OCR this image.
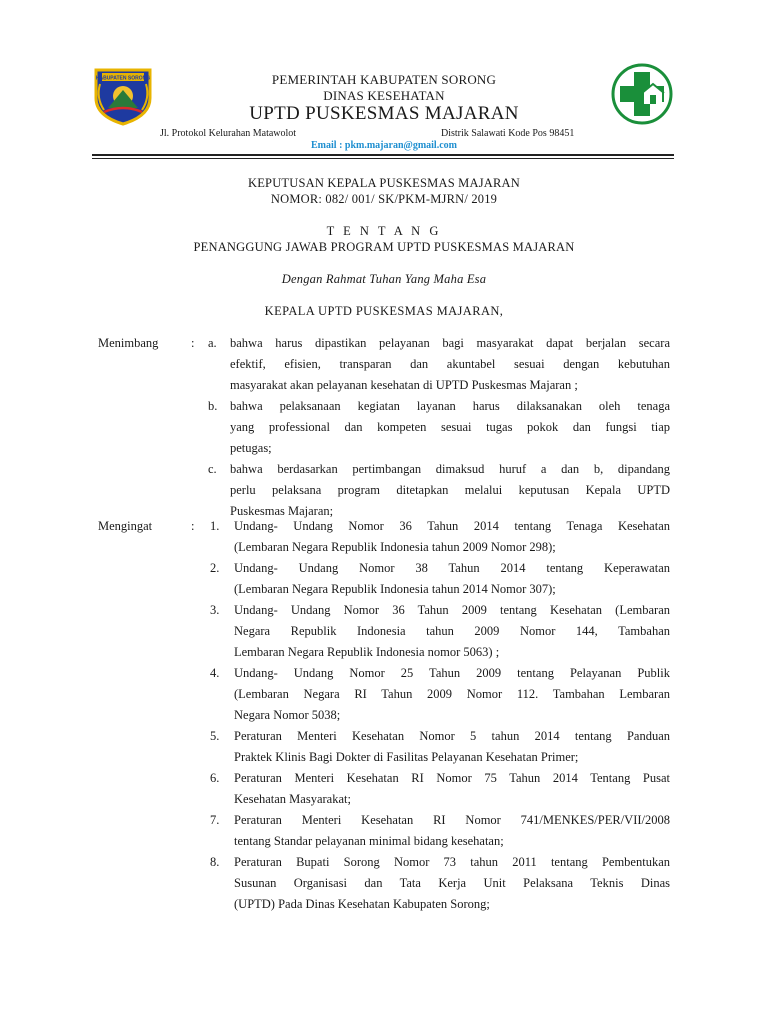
KABUPATEN SORONG	PEMERINTAH KABUPATEN SORONG
DINAS KESEHATAN
UPTD PUSKESMAS MAJARAN
Jl. Protokol Kelurahan Matawolot	Distrik Salawati Kode Pos 98451
Email : pkm.majaran@gmail.com
KEPUTUSAN KEPALA PUSKESMAS MAJARAN
NOMOR: 082/ 001/ SK/PKM-MJRN/ 2019
T E N T A N G
PENANGGUNG JAWAB PROGRAM UPTD PUSKESMAS MAJARAN
Dengan Rahmat Tuhan Yang Maha Esa
KEPALA UPTD PUSKESMAS MAJARAN,
Menimbang	: a. bahwa harus dipastikan pelayanan bagi masyarakat dapat berjalan secara
efektif, efisien, transparan dan akuntabel sesuai dengan kebutuhan
masyarakat akan pelayanan kesehatan di UPTD Puskesmas Majaran ;
b. bahwa pelaksanaan kegiatan layanan harus dilaksanakan oleh tenaga
yang professional dan kompeten sesuai tugas pokok dan fungsi tiap
petugas;
c. bahwa berdasarkan pertimbangan dimaksud huruf a dan b, dipandang
perlu pelaksana program ditetapkan melalui keputusan Kepala UPTD
Puskesmas Majaran;
Mengingat	: 1. Undang- Undang Nomor 36 Tahun 2014 tentang Tenaga Kesehatan
(Lembaran Negara Republik Indonesia tahun 2009 Nomor 298);
2. Undang- Undang Nomor 38 Tahun 2014 tentang Keperawatan
(Lembaran Negara Republik Indonesia tahun 2014 Nomor 307);
3. Undang- Undang Nomor 36 Tahun 2009 tentang Kesehatan (Lembaran
Negara Republik Indonesia tahun 2009 Nomor 144, Tambahan
Lembaran Negara Republik Indonesia nomor 5063) ;
4. Undang- Undang Nomor 25 Tahun 2009 tentang Pelayanan Publik
(Lembaran Negara RI Tahun 2009 Nomor 112. Tambahan Lembaran
Negara Nomor 5038;
5. Peraturan Menteri Kesehatan Nomor 5 tahun 2014 tentang Panduan
Praktek Klinis Bagi Dokter di Fasilitas Pelayanan Kesehatan Primer;
6. Peraturan Menteri Kesehatan RI Nomor 75 Tahun 2014 Tentang Pusat
Kesehatan Masyarakat;
7. Peraturan Menteri Kesehatan RI Nomor 741/MENKES/PER/VII/2008
tentang Standar pelayanan minimal bidang kesehatan;
8. Peraturan Bupati Sorong Nomor 73 tahun 2011 tentang Pembentukan
Susunan Organisasi dan Tata Kerja Unit Pelaksana Teknis Dinas
(UPTD) Pada Dinas Kesehatan Kabupaten Sorong;
